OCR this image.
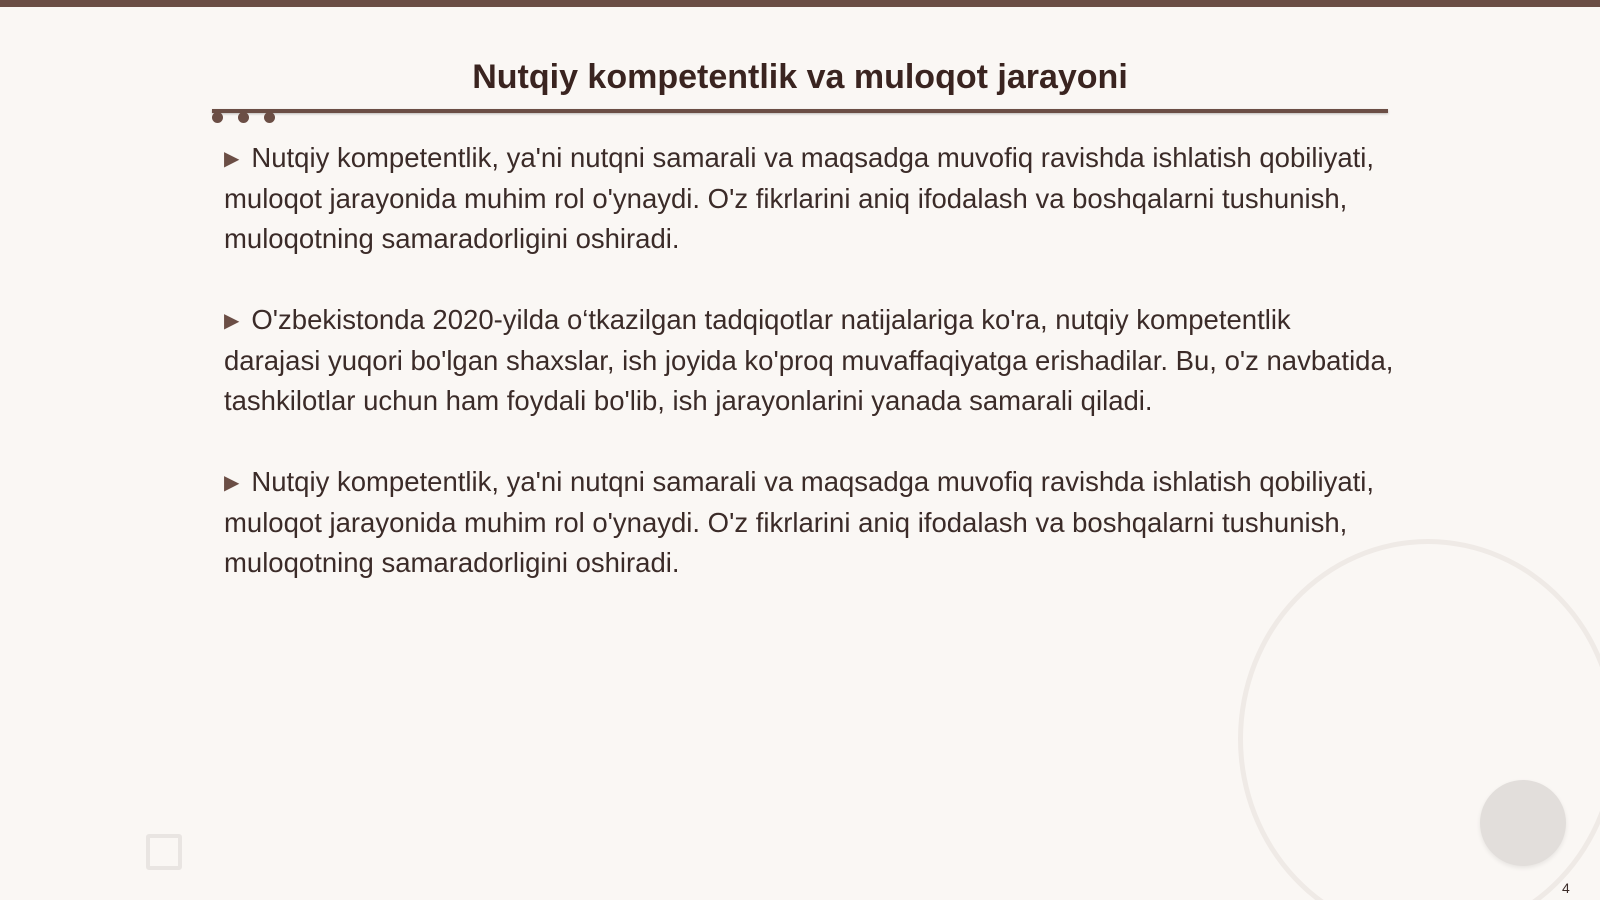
Nutqiy kompetentlik va muloqot jarayoni

▶ Nutqiy kompetentlik, ya'ni nutqni samarali va maqsadga muvofiq ravishda ishlatish qobiliyati, muloqot jarayonida muhim rol o'ynaydi. O'z fikrlarini aniq ifodalash va boshqalarni tushunish, muloqotning samaradorligini oshiradi.

▶ O'zbekistonda 2020-yilda o‘tkazilgan tadqiqotlar natijalariga ko'ra, nutqiy kompetentlik darajasi yuqori bo'lgan shaxslar, ish joyida ko'proq muvaffaqiyatga erishadilar. Bu, o'z navbatida, tashkilotlar uchun ham foydali bo'lib, ish jarayonlarini yanada samarali qiladi.

▶ Nutqiy kompetentlik, ya'ni nutqni samarali va maqsadga muvofiq ravishda ishlatish qobiliyati, muloqot jarayonida muhim rol o'ynaydi. O'z fikrlarini aniq ifodalash va boshqalarni tushunish, muloqotning samaradorligini oshiradi.

4
